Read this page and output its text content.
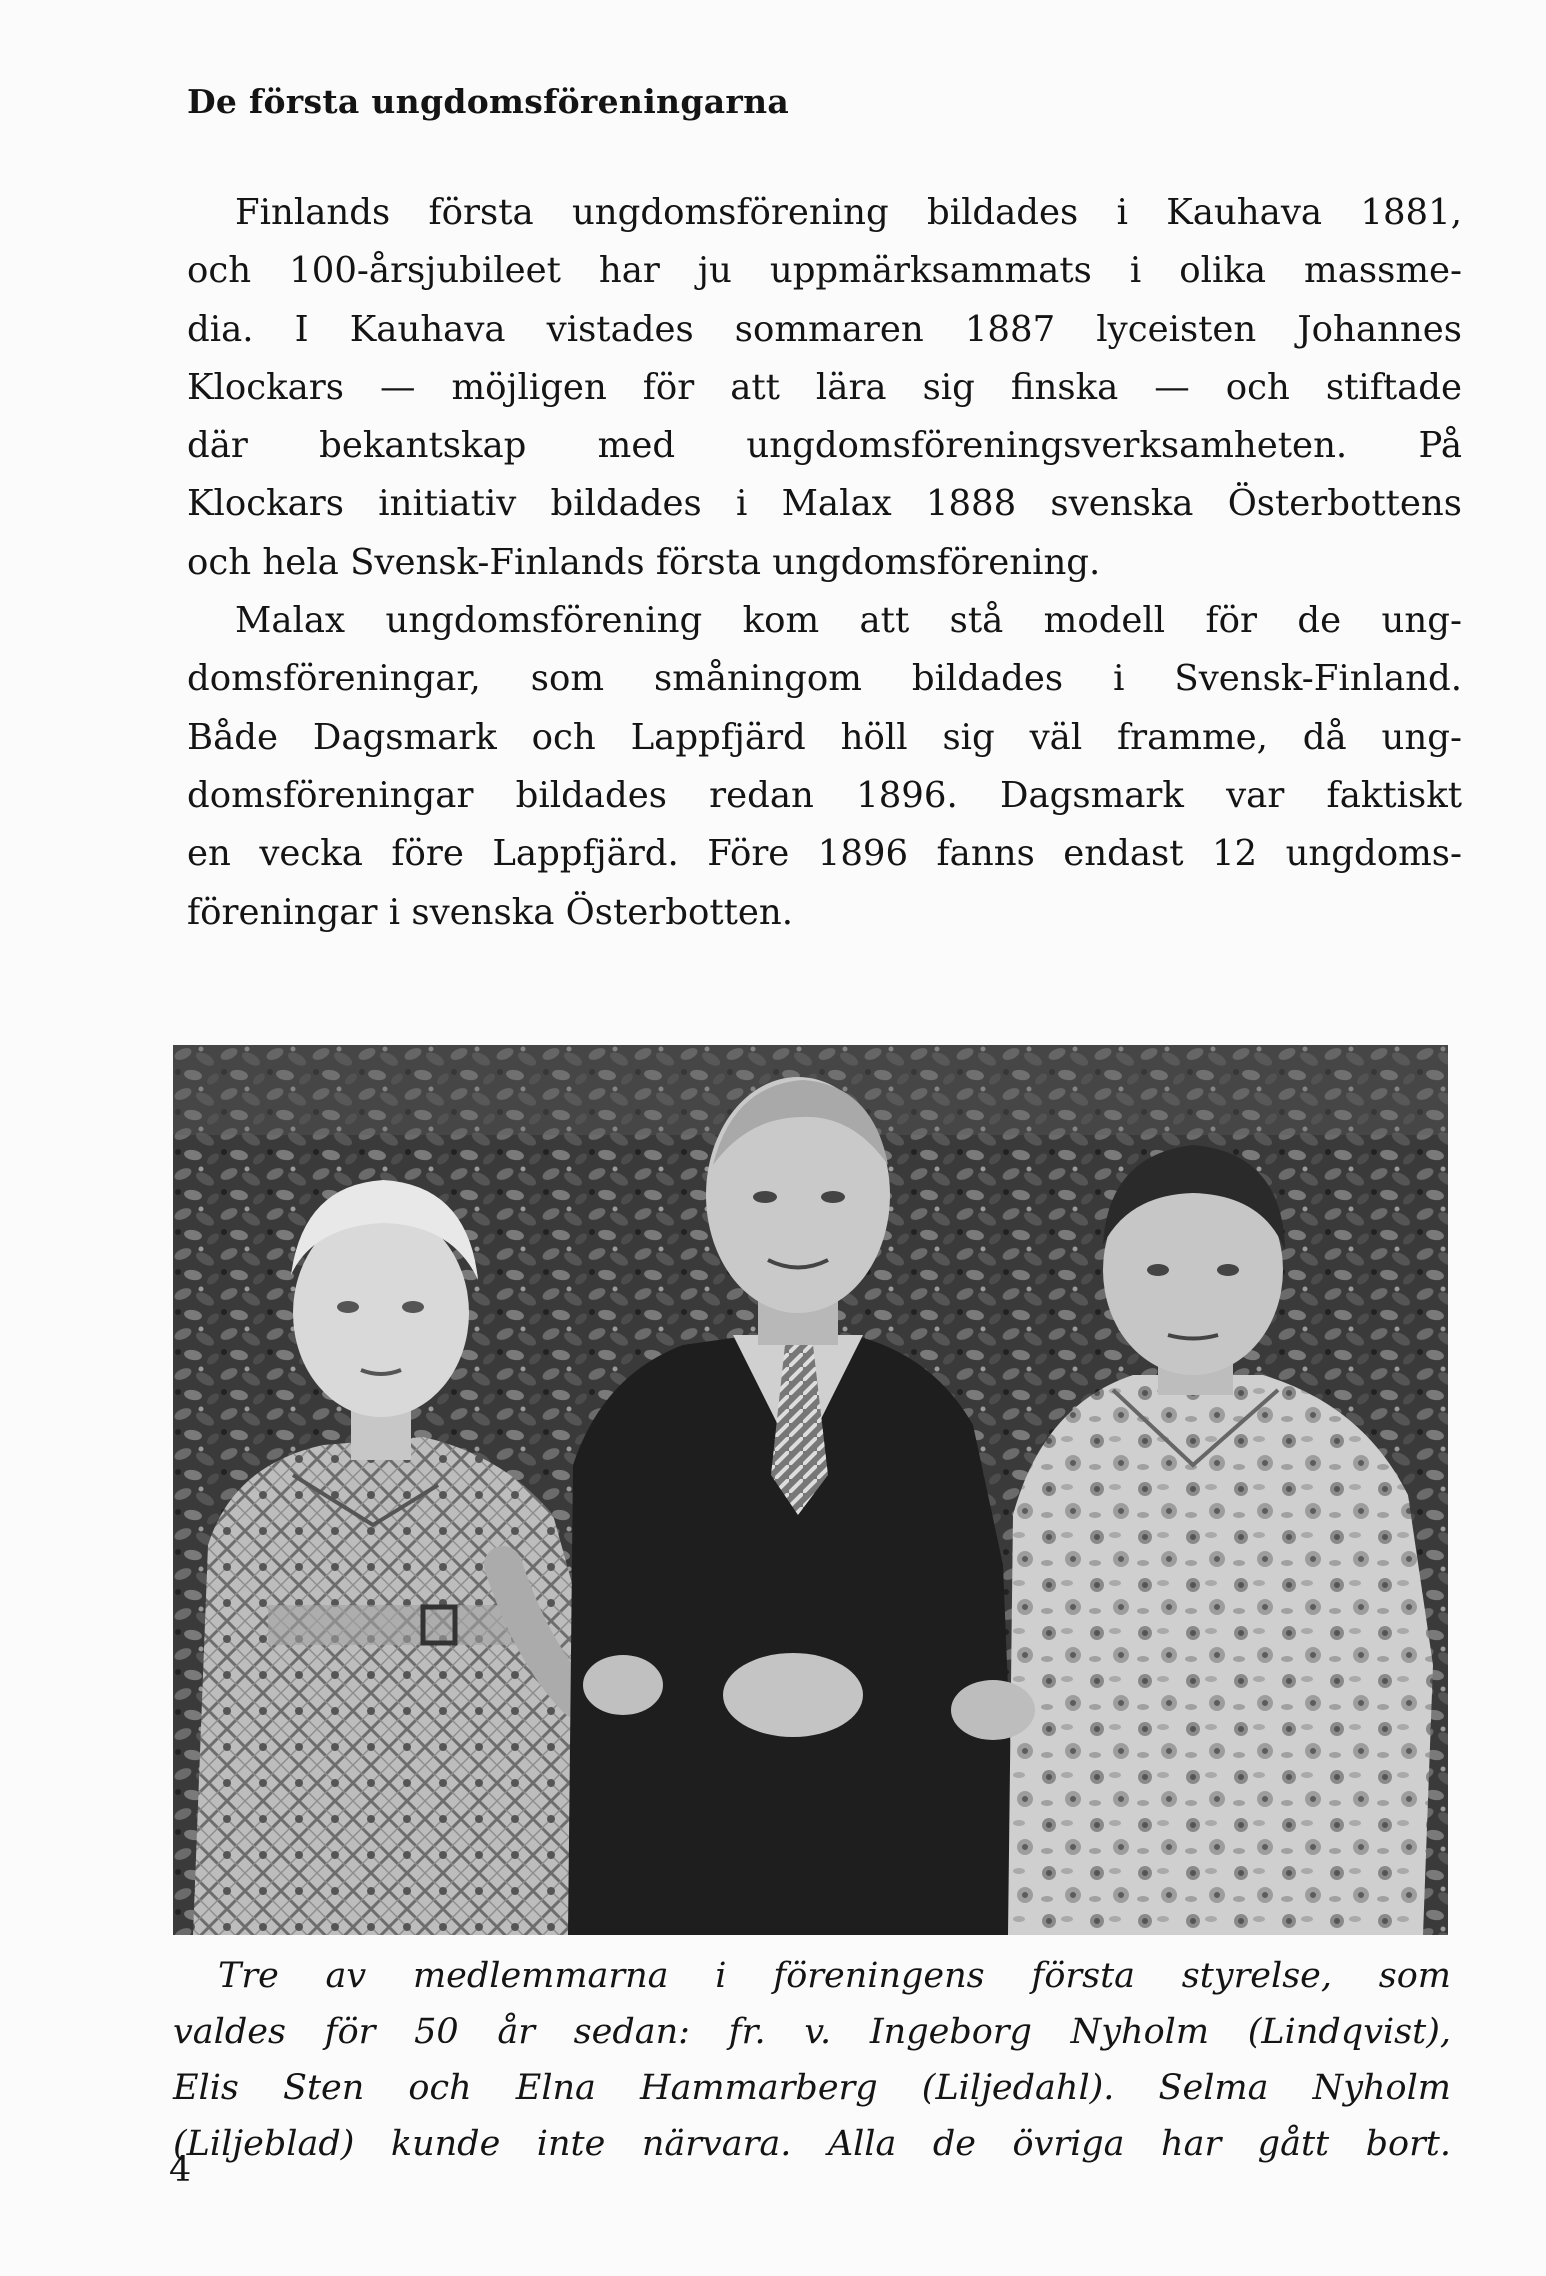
De första ungdomsföreningarna
Finlands första ungdomsförening bildades i Kauhava 1881,
och 100-årsjubileet har ju uppmärksammats i olika massme-
dia. I Kauhava vistades sommaren 1887 lyceisten Johannes
Klockars — möjligen för att lära sig finska — och stiftade
där bekantskap med ungdomsföreningsverksamheten. På
Klockars initiativ bildades i Malax 1888 svenska Österbottens
och hela Svensk-Finlands första ungdomsförening.
Malax ungdomsförening kom att stå modell för de ung-
domsföreningar, som småningom bildades i Svensk-Finland.
Både Dagsmark och Lappfjärd höll sig väl framme, då ung-
domsföreningar bildades redan 1896. Dagsmark var faktiskt
en vecka före Lappfjärd. Före 1896 fanns endast 12 ungdoms-
föreningar i svenska Österbotten.
Tre av medlemmarna i föreningens första styrelse, som
valdes för 50 år sedan: fr. v. Ingeborg Nyholm (Lindqvist),
Elis Sten och Elna Hammarberg (Liljedahl). Selma Nyholm
(Liljeblad) kunde inte närvara. Alla de övriga har gått bort.
4
